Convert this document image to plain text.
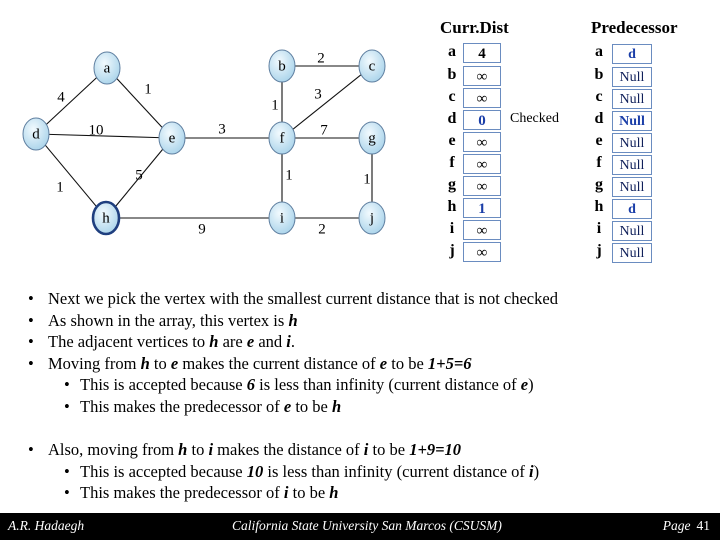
4	1
2
1
3
10	3	7
1
5	1	1
9	2
a	b	c
d	e	f	g
h	i	j
Curr.Dist	Predecessor
a	4
b	∞
c	∞
d	0
e	∞
f	∞
g	∞
h	1
i	∞
j	∞
Checked
a	d
b	Null
c	Null
d	Null
e	Null
f	Null
g	Null
h	d
i	Null
j	Null
• Next we pick the vertex with the smallest current distance that is not checked
• As shown in the array, this vertex is h
• The adjacent vertices to h are e and i.
• Moving from h to e makes the current distance of e to be 1+5=6
• This is accepted because 6 is less than infinity (current distance of e)
• This makes the predecessor of e to be h
• Also, moving from h to i makes the distance of i to be 1+9=10
• This is accepted because 10 is less than infinity (current distance of i)
• This makes the predecessor of i to be h
A.R. Hadaegh	California State University San Marcos (CSUSM)	Page 41
